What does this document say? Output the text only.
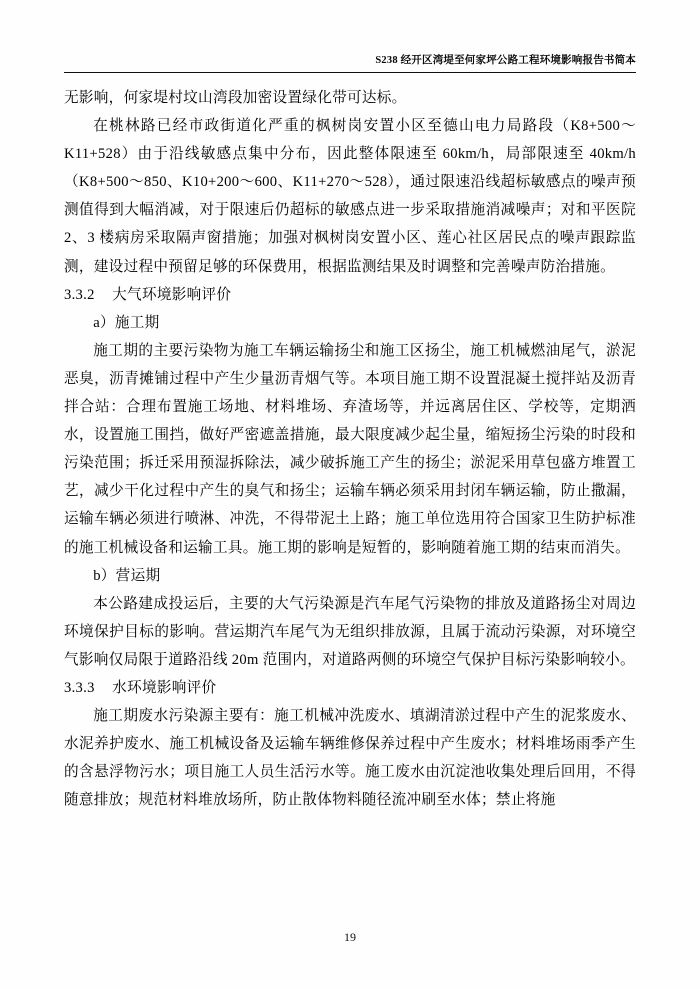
S238 经开区湾堤至何家坪公路工程环境影响报告书简本

无影响，何家堤村坟山湾段加密设置绿化带可达标。

在桃林路已经市政街道化严重的枫树岗安置小区至德山电力局路段（K8+500～K11+528）由于沿线敏感点集中分布，因此整体限速至 60km/h，局部限速至 40km/h（K8+500～850、K10+200～600、K11+270～528），通过限速沿线超标敏感点的噪声预测值得到大幅消减，对于限速后仍超标的敏感点进一步采取措施消减噪声；对和平医院 2、3 楼病房采取隔声窗措施；加强对枫树岗安置小区、莲心社区居民点的噪声跟踪监测，建设过程中预留足够的环保费用，根据监测结果及时调整和完善噪声防治措施。

3.3.2 大气环境影响评价

a）施工期

施工期的主要污染物为施工车辆运输扬尘和施工区扬尘，施工机械燃油尾气，淤泥恶臭，沥青摊铺过程中产生少量沥青烟气等。本项目施工期不设置混凝土搅拌站及沥青拌合站：合理布置施工场地、材料堆场、弃渣场等，并远离居住区、学校等，定期洒水，设置施工围挡，做好严密遮盖措施，最大限度减少起尘量，缩短扬尘污染的时段和污染范围；拆迁采用预湿拆除法，减少破拆施工产生的扬尘；淤泥采用草包盛方堆置工艺，减少干化过程中产生的臭气和扬尘；运输车辆必须采用封闭车辆运输，防止撒漏，运输车辆必须进行喷淋、冲洗，不得带泥土上路；施工单位选用符合国家卫生防护标准的施工机械设备和运输工具。施工期的影响是短暂的，影响随着施工期的结束而消失。

b）营运期

本公路建成投运后，主要的大气污染源是汽车尾气污染物的排放及道路扬尘对周边环境保护目标的影响。营运期汽车尾气为无组织排放源，且属于流动污染源，对环境空气影响仅局限于道路沿线 20m 范围内，对道路两侧的环境空气保护目标污染影响较小。

3.3.3 水环境影响评价

施工期废水污染源主要有：施工机械冲洗废水、填湖清淤过程中产生的泥浆废水、水泥养护废水、施工机械设备及运输车辆维修保养过程中产生废水；材料堆场雨季产生的含悬浮物污水；项目施工人员生活污水等。施工废水由沉淀池收集处理后回用，不得随意排放；规范材料堆放场所，防止散体物料随径流冲刷至水体；禁止将施

19
